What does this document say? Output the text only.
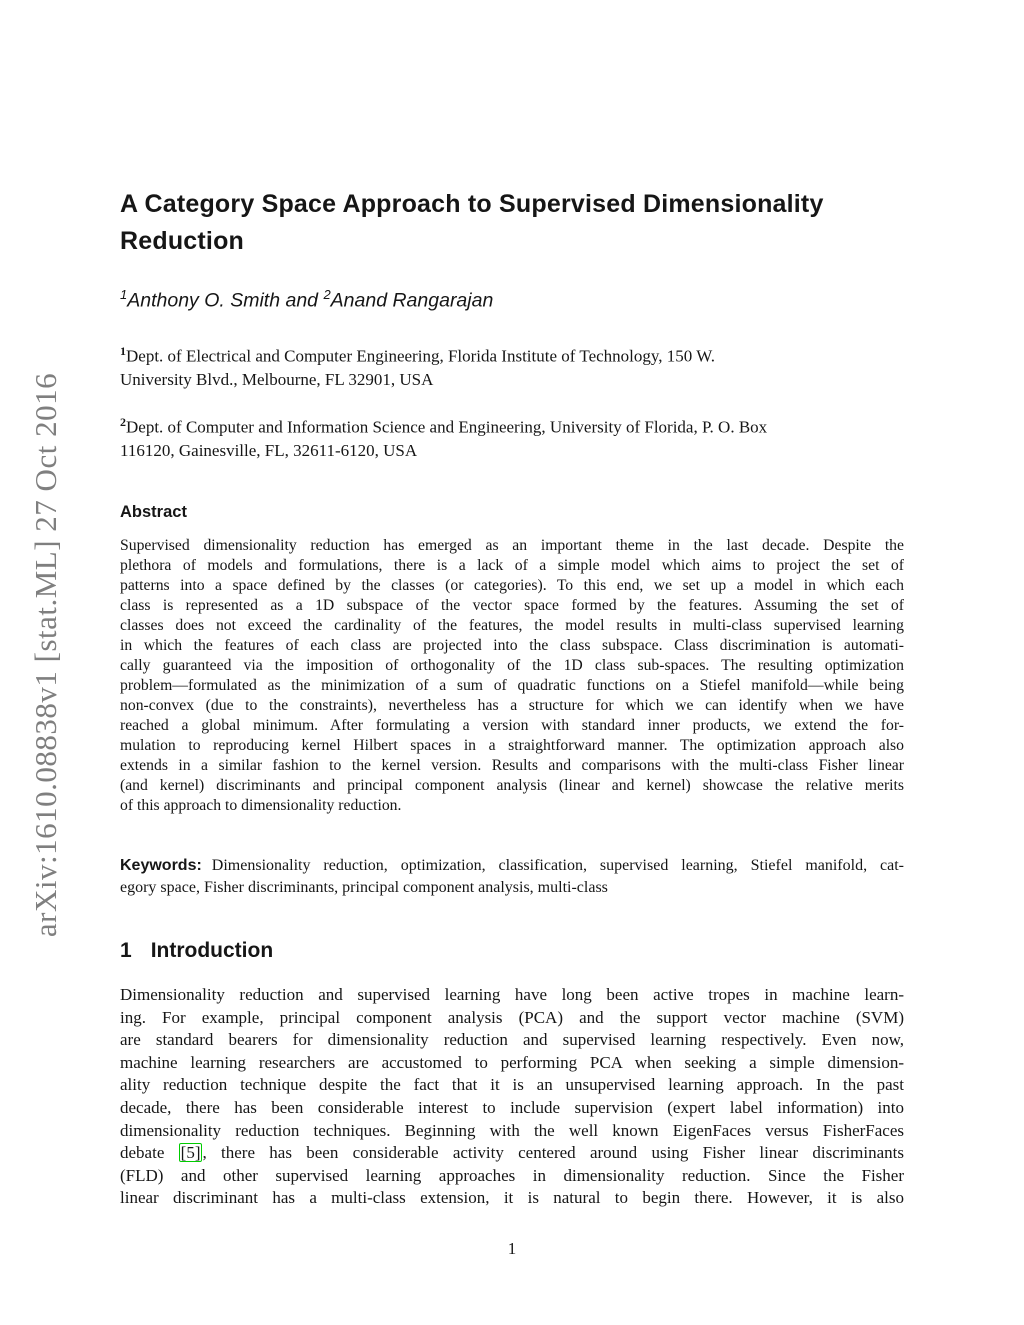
arXiv:1610.08838v1 [stat.ML] 27 Oct 2016
A Category Space Approach to Supervised Dimensionality
Reduction
$^1$Anthony O. Smith and $^2$Anand Rangarajan
$^1$Dept. of Electrical and Computer Engineering, Florida Institute of Technology, 150 W.
University Blvd., Melbourne, FL 32901, USA
$^2$Dept. of Computer and Information Science and Engineering, University of Florida, P. O. Box
116120, Gainesville, FL, 32611-6120, USA
Abstract
Supervised dimensionality reduction has emerged as an important theme in the last decade. Despite the
plethora of models and formulations, there is a lack of a simple model which aims to project the set of
patterns into a space defined by the classes (or categories). To this end, we set up a model in which each
class is represented as a 1D subspace of the vector space formed by the features. Assuming the set of
classes does not exceed the cardinality of the features, the model results in multi-class supervised learning
in which the features of each class are projected into the class subspace. Class discrimination is automati-
cally guaranteed via the imposition of orthogonality of the 1D class sub-spaces. The resulting optimization
problem—formulated as the minimization of a sum of quadratic functions on a Stiefel manifold—while being
non-convex (due to the constraints), nevertheless has a structure for which we can identify when we have
reached a global minimum. After formulating a version with standard inner products, we extend the for-
mulation to reproducing kernel Hilbert spaces in a straightforward manner. The optimization approach also
extends in a similar fashion to the kernel version. Results and comparisons with the multi-class Fisher linear
(and kernel) discriminants and principal component analysis (linear and kernel) showcase the relative merits
of this approach to dimensionality reduction.
Keywords: Dimensionality reduction, optimization, classification, supervised learning, Stiefel manifold, cat-
egory space, Fisher discriminants, principal component analysis, multi-class
1 Introduction
Dimensionality reduction and supervised learning have long been active tropes in machine learn-
ing. For example, principal component analysis (PCA) and the support vector machine (SVM)
are standard bearers for dimensionality reduction and supervised learning respectively. Even now,
machine learning researchers are accustomed to performing PCA when seeking a simple dimension-
ality reduction technique despite the fact that it is an unsupervised learning approach. In the past
decade, there has been considerable interest to include supervision (expert label information) into
dimensionality reduction techniques. Beginning with the well known EigenFaces versus FisherFaces
debate [5] , there has been considerable activity centered around using Fisher linear discriminants
(FLD) and other supervised learning approaches in dimensionality reduction. Since the Fisher
linear discriminant has a multi-class extension, it is natural to begin there. However, it is also
1
